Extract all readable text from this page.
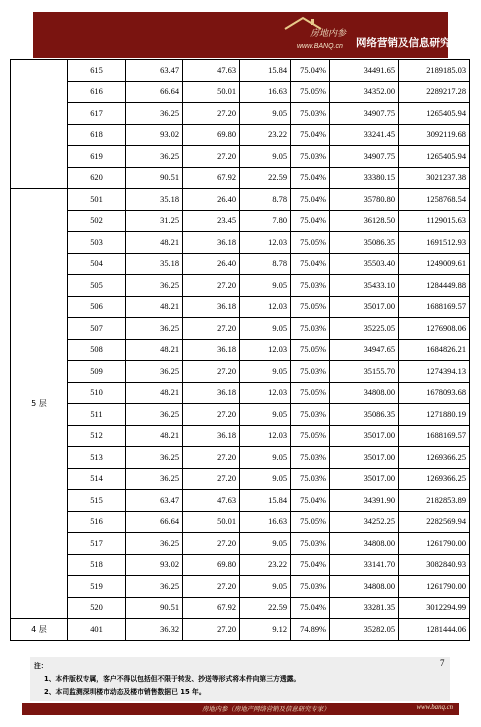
房地内参
www.BANQ.cn 网络营销及信息研究专家
	615	63.47	47.63	15.84	75.04%	34491.65	2189185.03
	616	66.64	50.01	16.63	75.05%	34352.00	2289217.28
	617	36.25	27.20	9.05	75.03%	34907.75	1265405.94
	618	93.02	69.80	23.22	75.04%	33241.45	3092119.68
	619	36.25	27.20	9.05	75.03%	34907.75	1265405.94
	620	90.51	67.92	22.59	75.04%	33380.15	3021237.38
5 层	501	35.18	26.40	8.78	75.04%	35780.80	1258768.54
	502	31.25	23.45	7.80	75.04%	36128.50	1129015.63
	503	48.21	36.18	12.03	75.05%	35086.35	1691512.93
	504	35.18	26.40	8.78	75.04%	35503.40	1249009.61
	505	36.25	27.20	9.05	75.03%	35433.10	1284449.88
	506	48.21	36.18	12.03	75.05%	35017.00	1688169.57
	507	36.25	27.20	9.05	75.03%	35225.05	1276908.06
	508	48.21	36.18	12.03	75.05%	34947.65	1684826.21
	509	36.25	27.20	9.05	75.03%	35155.70	1274394.13
	510	48.21	36.18	12.03	75.05%	34808.00	1678093.68
	511	36.25	27.20	9.05	75.03%	35086.35	1271880.19
	512	48.21	36.18	12.03	75.05%	35017.00	1688169.57
	513	36.25	27.20	9.05	75.03%	35017.00	1269366.25
	514	36.25	27.20	9.05	75.03%	35017.00	1269366.25
	515	63.47	47.63	15.84	75.04%	34391.90	2182853.89
	516	66.64	50.01	16.63	75.05%	34252.25	2282569.94
	517	36.25	27.20	9.05	75.03%	34808.00	1261790.00
	518	93.02	69.80	23.22	75.04%	33141.70	3082840.93
	519	36.25	27.20	9.05	75.03%	34808.00	1261790.00
	520	90.51	67.92	22.59	75.04%	33281.35	3012294.99
4 层	401	36.32	27.20	9.12	74.89%	35282.05	1281444.06
注：
1、本件版权专属，客户不得以包括但不限于转发、抄送等形式将本件向第三方透露。
2、本司监测深圳楼市动态及楼市销售数据已 15 年。
7
房地内参（房地产网络营销及信息研究专家）	www.banq.cn
